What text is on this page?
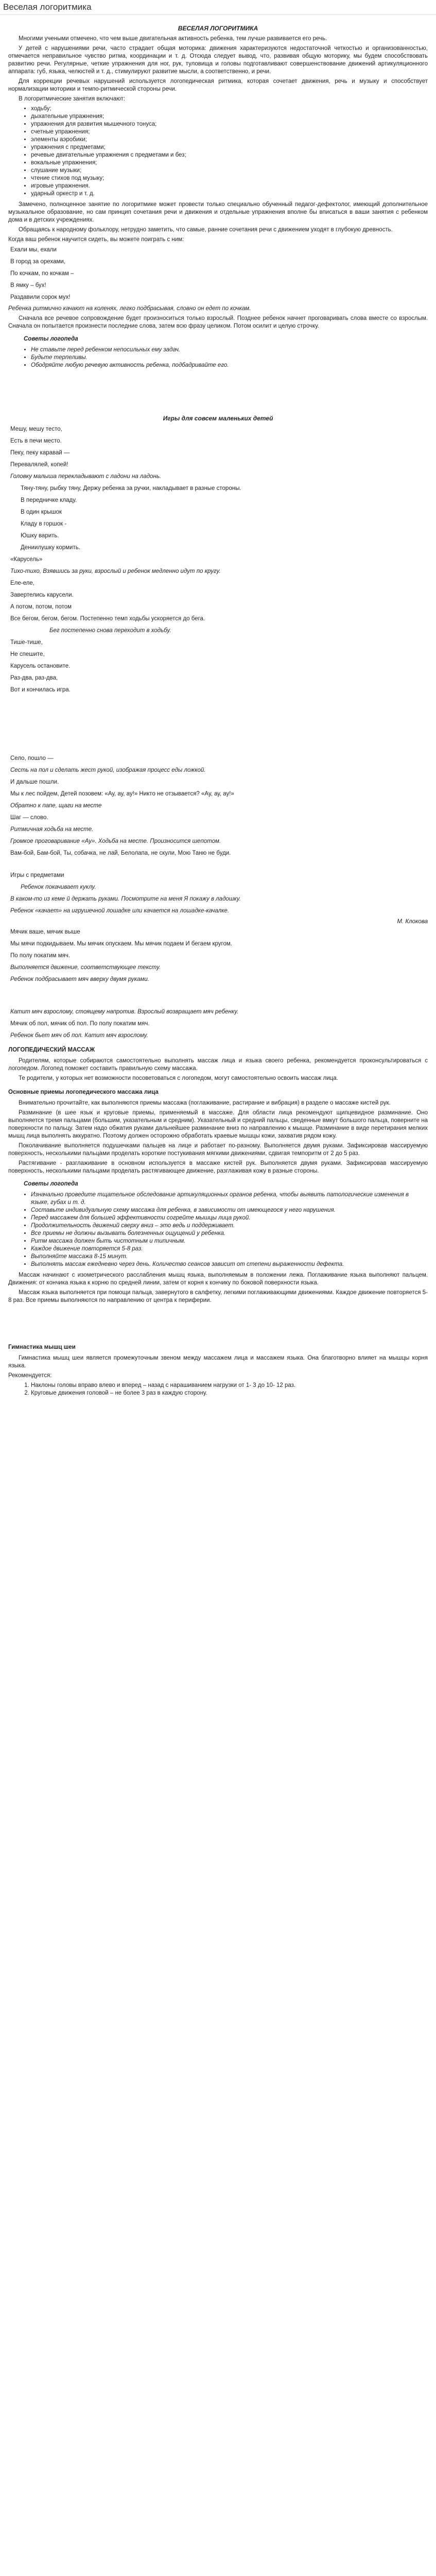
Веселая логоритмика
ВЕСЕЛАЯ ЛОГОРИТМИКА

Многими учеными отмечено, что чем выше двигательная активность ребенка, тем лучше развивается его речь.

У детей с нарушениями речи, часто страдает общая моторика: движения характеризуются недостаточной четкостью и организованностью, отмечается неправильное чувство ритма, координации и т. д. Отсюда следует вывод, что, развивая общую моторику, мы будем способствовать развитию речи. Регулярные, четкие упражнения для ног, рук, туловища и головы подготавливают совершенствование движений артикуляционного аппарата: губ, языка, челюстей и т. д., стимулируют развитие мысли, а соответственно, и речи.

Для коррекции речевых нарушений используется логопедическая ритмика, которая сочетает движения, речь и музыку и способствует нормализации моторики и темпо-ритмической стороны речи.

В логоритмические занятия включают:

• ходьбу;
• дыхательные упражнения;
• упражнения для развития мышечного тонуса;
• счетные упражнения;
• элементы аэробики;
• упражнения с предметами;
• речевые двигательные упражнения с предметами и без;
• вокальные упражнения;
• слушание музыки;
• чтение стихов под музыку;
• игровые упражнения.
• ударный оркестр и т. д.

Замечено, полноценное занятие по логоритмике может провести только специально обученный педагог-дефектолог, имеющий дополнительное музыкальное образование, но сам принцип сочетания речи и движения и отдельные упражнения вполне бы вписаться в ваши занятия с ребенком дома и в детских учреждениях.

Обращаясь к народному фольклору, нетрудно заметить, что самые, ранние сочетания речи с движением уходят в глубокую древность.

Когда ваш ребенок научится сидеть, вы можете поиграть с ним:

Ехали мы, ехали

В город за орехами,

По кочкам, по кочкам –

В ямку – бух!

Раздавили сорок мух!

Ребенка ритмично качают на коленях, легко подбрасывая, словно он едет по кочкам.

Сначала все речевое сопровождение будет произноситься только взрослый. Позднее ребенок начнет проговаривать слова вместе со взрослым. Сначала он попытается произнести последние слова, затем всю фразу целиком. Потом осилит и целую строчку.

Советы логопеда
• Не ставьте перед ребенком непосильных ему задач.
• Будьте терпеливы.
• Ободряйте любую речевую активность ребенка, подбадривайте его.
Игры для совсем маленьких детей

Мешу, мешу тесто,

Есть в печи место.

Пеку, пеку каравай —

Перевалялей, копей!

Головку малыша перекладывают с ладони на ладонь.

Тяну-тяну, рыбку тяну, Держу ребенка за ручки, накладывает в разные стороны.

В передничке кладу.

В один крышок

Кладу в горшок -

Юшку варить.

Дениилушку кормить.

«Карусель»

Тихо-тихо, Взявшись за руки, взрослый и ребенок медленно идут по кругу.

Еле-еле,

Завертелись карусели.

А потом, потом, потом

Все бегом, бегом, бегом. Постепенно темп ходьбы ускоряется до бега.

Бег постепенно снова переходит в ходьбу.

Тише-тише,

Не спешите,

Карусель остановите.

Раз-два, раз-два,

Вот и кончилась игра.

Село, пошло —

Сесть на пол и сделать жест рукой, изображая процесс еды ложкой.

И дальше пошли.

Мы к лес пойдем, Детей позовем: «Ау, ау, ау!» Никто не отзывается? «Ау, ау, ау!»

Обратно к папе, щаги на месте

Шаг — слово.

Ритмичная ходьба на месте.

Громкое проговаривание «Ау». Ходьба на месте. Произносится шепотом.

Вам-бой, Бам-бой, Ты, собачка, не лай, Белолапа, не скули, Мою Таню не буди.

Игры с предметами

Ребенок покачивает куклу.

В каком-то из кеме й держать руками. Посмотрите на меня Я покажу в ладошку.

Ребенок «качает» на игрушечной лошадке или качается на лошадке-качалке.

М. Клокова

Мячик ваше, мячик выше

Мы мячи подкидываем. Мы мячик опускаем. Мы мячик подаем И бегаем кругом.

По полу покатим мяч.

Выполняется движение, соответствующее тексту.

Ребенок подбрасывает мяч вверху двумя руками.

Катит мяч взрослому, стоящему напротив. Взрослый возвращает мяч ребенку.

Мячик об пол, мячик об пол. По полу покатим мяч.

Ребенок бьет мяч об пол. Катит мяч взрослому.

ЛОГОПЕДИЧЕСКИЙ МАССАЖ

Родителям, которые собираются самостоятельно выполнять массаж лица и языка своего ребенка, рекомендуется проконсультироваться с логопедом. Логопед поможет составить правильную схему массажа.

Те родители, у которых нет возможности посоветоваться с логопедом, могут самостоятельно освоить массаж лица.

Основные приемы логопедического массажа лица

Внимательно прочитайте, как выполняются приемы массажа (поглаживание, растирание и вибрация) в разделе о массаже кистей рук.

Разминание (в шее язык и круговые приемы, применяемый в массаже. Для области лица рекомендуют щипцевидное разминание. Оно выполняется тремя пальцами (большим, указательным и средним). Указательный и средний пальцы, сведенные вмкут большого пальца, поверните на поверхности по пальцу. Затем надо обжатия руками дальнейшее разминание вниз по направлению к мышце. Разминание в виде перетирания мелких мышц лица выполнять аккуратно. Поэтому должен осторожно обработать краевые мышцы кожи, захватив рядом кожу.

Поколачивание выполняется подушечками пальцев на лице и работает по-разному. Выполняется двумя руками. Зафиксировав массируемую поверхность, несколькими пальцами проделать короткие постукивания мягкими движениями, сдвигая темпоритм от 2 до 5 раз.

Растягивание - разглаживание в основном используется в массаже кистей рук. Выполняется двумя руками. Зафиксировав массируемую поверхность, несколькими пальцами проделать растягивающее движение, разглаживая кожу в разные стороны.

Советы логопеда
• Изначально проведите тщательное обследование артикуляционных органов ребенка, чтобы выявить патологические изменения в языке, губах и т. д.
• Составьте индивидуальную схему массажа для ребенка, в зависимости от имеющегося у него нарушения.
• Перед массажем для большей эффективности согрейте мышцы лица рукой.
• Продолжительность движений сверху вниз – это ведь и поддерживает.
• Все приемы не должны вызывать болезненных ощущений у ребенка.
• Ритм массажа должен быть чистотным и типичным.
• Каждое движение повторяется 5-8 раз.
• Выполняйте массажа 8-15 минут.
• Выполнять массаж ежедневно через день. Количество сеансов зависит от степени выраженности дефекта.

Массаж начинают с изометрического расслабления мышц языка, выполняемым в положении лежа. Поглаживание языка выполняют пальцем. Движения: от кончика языка к корню по средней линии, затем от корня к кончику по боковой поверхности языка.

Массаж языка выполняется при помощи пальца, завернутого в салфетку, легкими поглаживающими движениями. Каждое движение повторяется 5-8 раз. Все приемы выполняются по направлению от центра к периферии.

Гимнастика мышц шеи

Гимнастика мышц шеи является промежуточным звеном между массажем лица и массажем языка. Она благотворно влияет на мышцы корня языка.

Рекомендуется:

1. Наклоны головы вправо влево и вперед – назад с нарашиванием нагрузки от 1- 3 до 10- 12 раз.
2. Круговые движения головой – не более 3 раз в каждую сторону.
